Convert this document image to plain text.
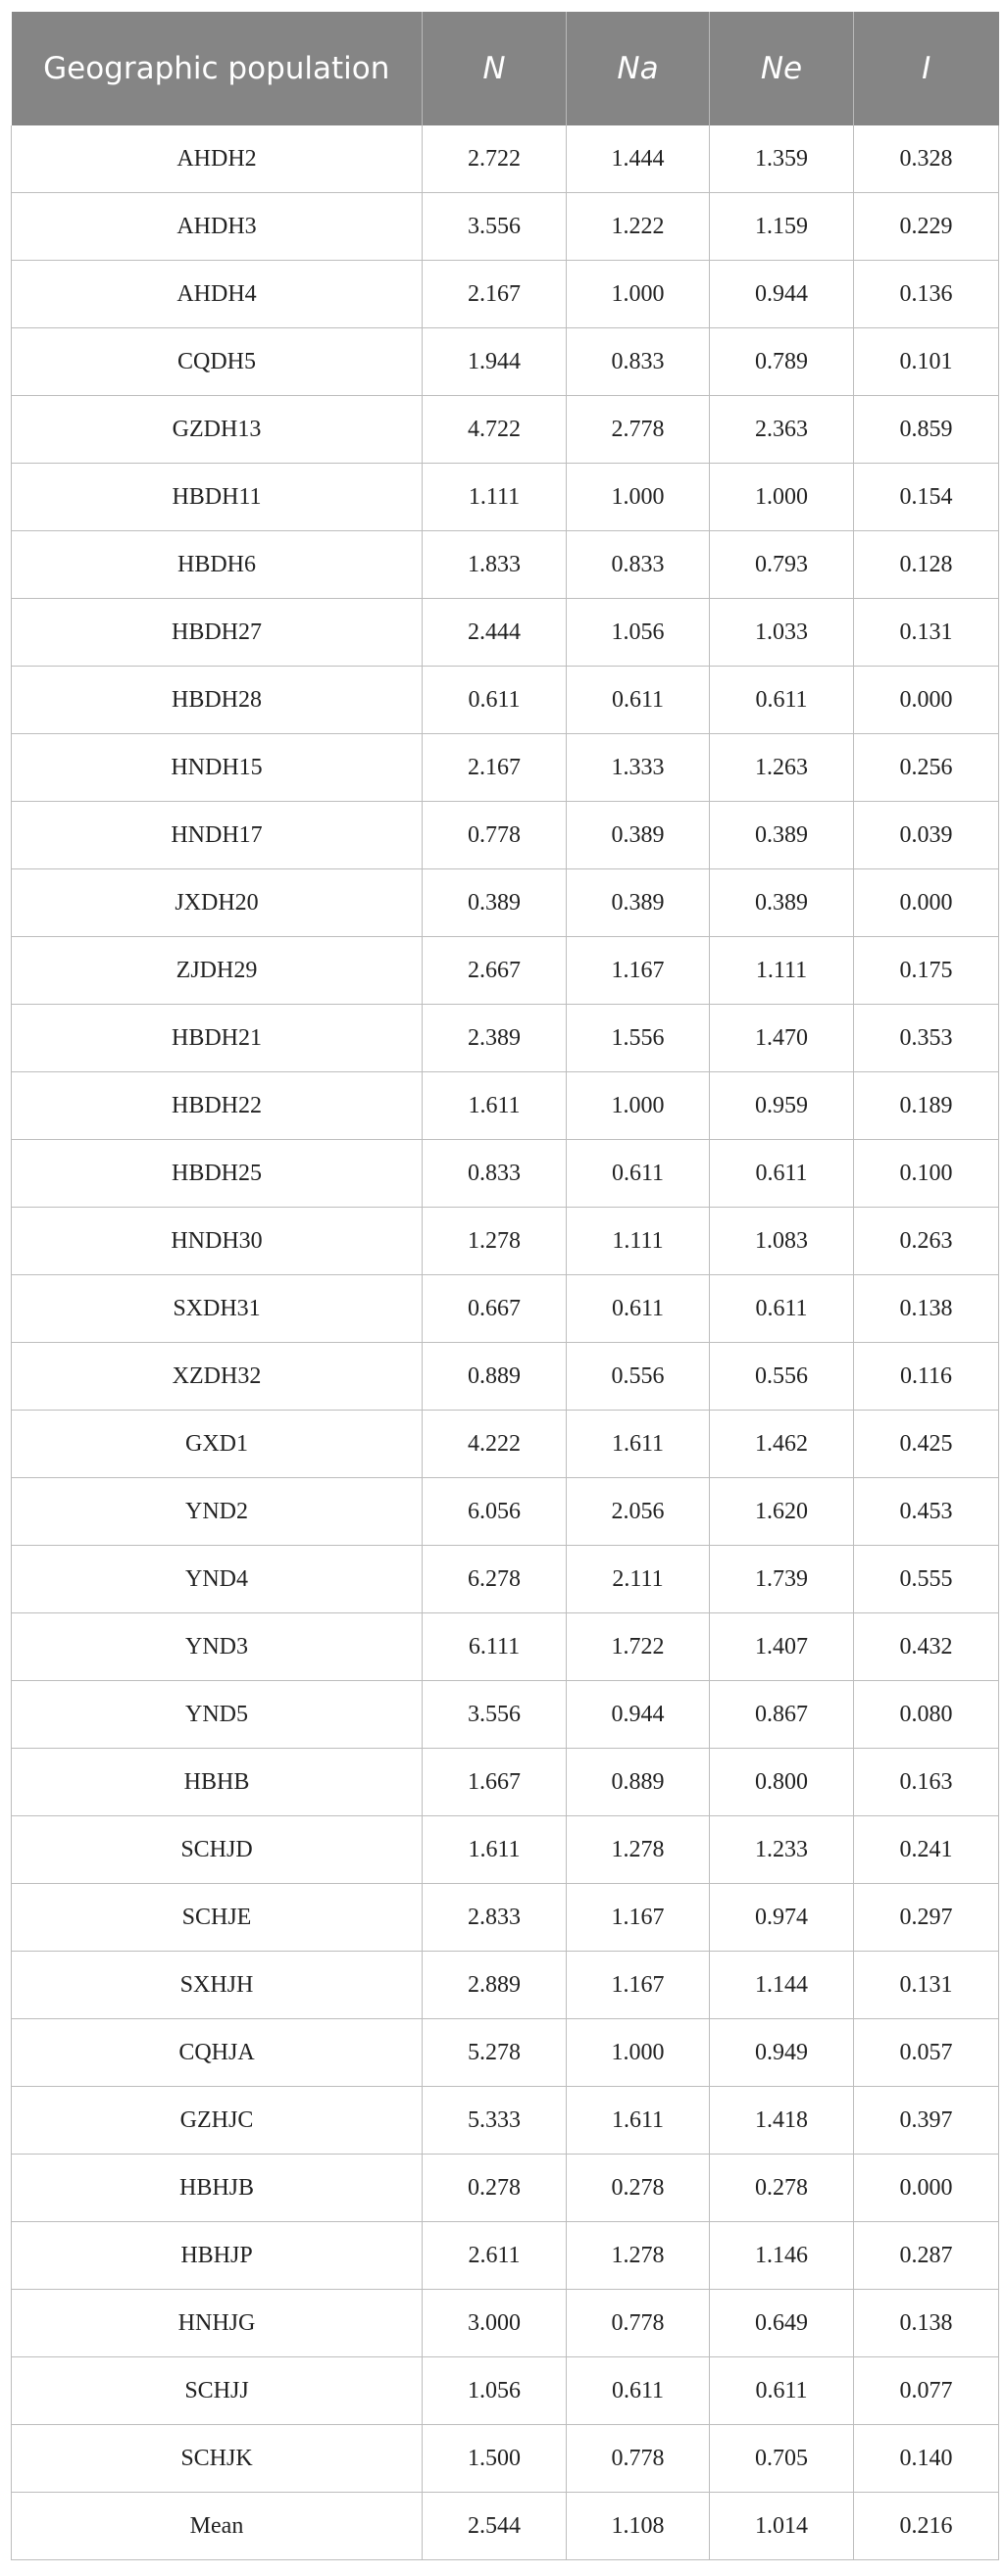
Geographic population	N	Na	Ne	I
AHDH2	2.722	1.444	1.359	0.328
AHDH3	3.556	1.222	1.159	0.229
AHDH4	2.167	1.000	0.944	0.136
CQDH5	1.944	0.833	0.789	0.101
GZDH13	4.722	2.778	2.363	0.859
HBDH11	1.111	1.000	1.000	0.154
HBDH6	1.833	0.833	0.793	0.128
HBDH27	2.444	1.056	1.033	0.131
HBDH28	0.611	0.611	0.611	0.000
HNDH15	2.167	1.333	1.263	0.256
HNDH17	0.778	0.389	0.389	0.039
JXDH20	0.389	0.389	0.389	0.000
ZJDH29	2.667	1.167	1.111	0.175
HBDH21	2.389	1.556	1.470	0.353
HBDH22	1.611	1.000	0.959	0.189
HBDH25	0.833	0.611	0.611	0.100
HNDH30	1.278	1.111	1.083	0.263
SXDH31	0.667	0.611	0.611	0.138
XZDH32	0.889	0.556	0.556	0.116
GXD1	4.222	1.611	1.462	0.425
YND2	6.056	2.056	1.620	0.453
YND4	6.278	2.111	1.739	0.555
YND3	6.111	1.722	1.407	0.432
YND5	3.556	0.944	0.867	0.080
HBHB	1.667	0.889	0.800	0.163
SCHJD	1.611	1.278	1.233	0.241
SCHJE	2.833	1.167	0.974	0.297
SXHJH	2.889	1.167	1.144	0.131
CQHJA	5.278	1.000	0.949	0.057
GZHJC	5.333	1.611	1.418	0.397
HBHJB	0.278	0.278	0.278	0.000
HBHJP	2.611	1.278	1.146	0.287
HNHJG	3.000	0.778	0.649	0.138
SCHJJ	1.056	0.611	0.611	0.077
SCHJK	1.500	0.778	0.705	0.140
Mean	2.544	1.108	1.014	0.216
